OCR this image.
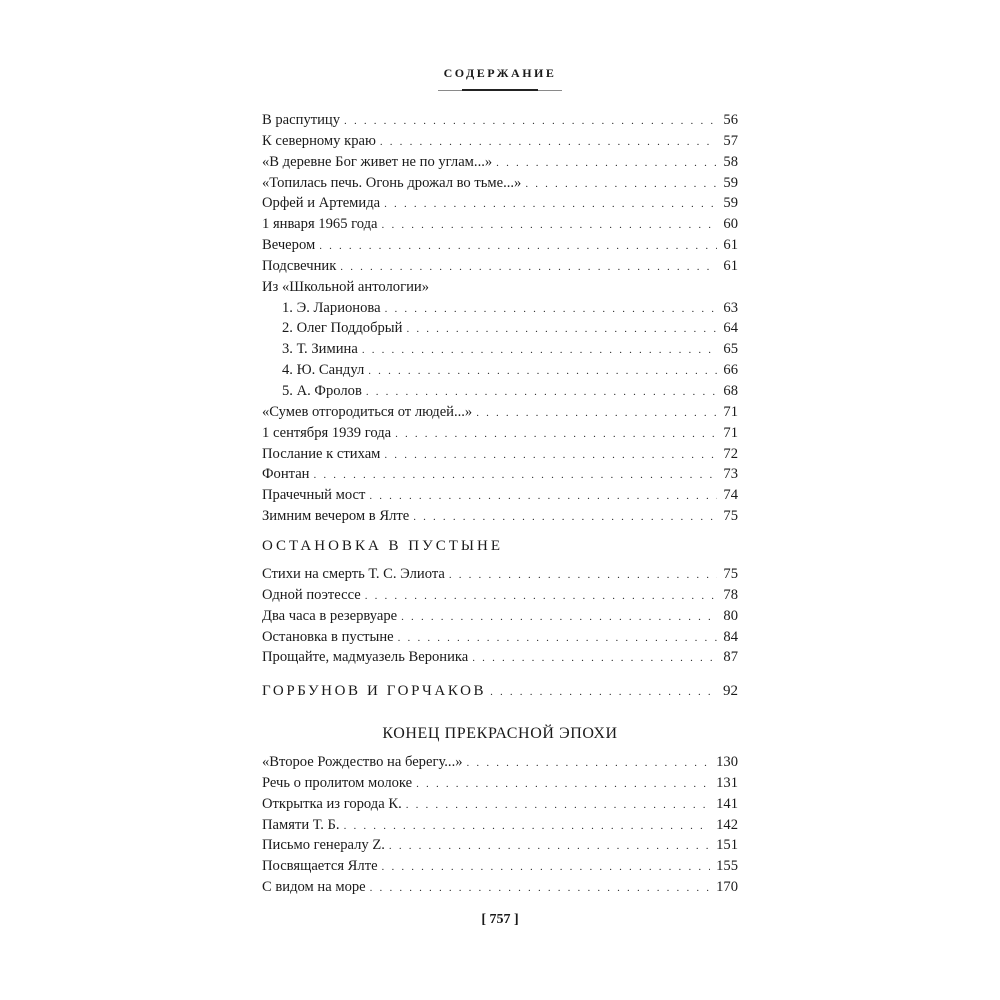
СОДЕРЖАНИЕ
В распутицу . . .	56
К северному краю . . .	57
«В деревне Бог живет не по углам...» . . .	58
«Топилась печь. Огонь дрожал во тьме...» . . .	59
Орфей и Артемида . . .	59
1 января 1965 года . . .	60
Вечером . . .	61
Подсвечник . . .	61
Из «Школьной антологии»
1. Э. Ларионова . . .	63
2. Олег Поддобрый . . .	64
3. Т. Зимина . . .	65
4. Ю. Сандул . . .	66
5. А. Фролов . . .	68
«Сумев отгородиться от людей...» . . .	71
1 сентября 1939 года . . .	71
Послание к стихам . . .	72
Фонтан . . .	73
Прачечный мост . . .	74
Зимним вечером в Ялте . . .	75
ОСТАНОВКА В ПУСТЫНЕ
Стихи на смерть Т. С. Элиота . . .	75
Одной поэтессе . . .	78
Два часа в резервуаре . . .	80
Остановка в пустыне . . .	84
Прощайте, мадмуазель Вероника . . .	87
ГОРБУНОВ И ГОРЧАКОВ . . .	92
КОНЕЦ ПРЕКРАСНОЙ ЭПОХИ
«Второе Рождество на берегу...» . . .	130
Речь о пролитом молоке . . .	131
Открытка из города К. . . .	141
Памяти Т. Б. . . .	142
Письмо генералу Z. . . .	151
Посвящается Ялте . . .	155
С видом на море . . .	170
[ 757 ]
